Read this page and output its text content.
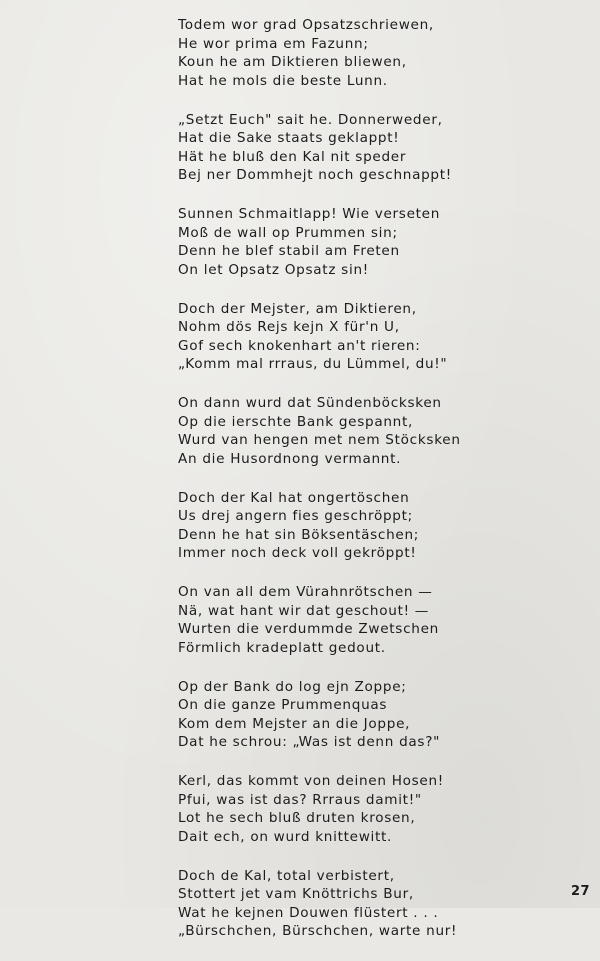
Todem wor grad Opsatzschriewen,
He wor prima em Fazunn;
Koun he am Diktieren bliewen,
Hat he mols die beste Lunn.
„Setzt Euch" sait he. Donnerweder,
Hat die Sake staats geklappt!
Hät he bluß den Kal nit speder
Bej ner Dommhejt noch geschnappt!
Sunnen Schmaitlapp! Wie verseten
Moß de wall op Prummen sin;
Denn he blef stabil am Freten
On let Opsatz Opsatz sin!
Doch der Mejster, am Diktieren,
Nohm dös Rejs kejn X für'n U,
Gof sech knokenhart an't rieren:
„Komm mal rrraus, du Lümmel, du!"
On dann wurd dat Sündenböcksken
Op die ierschte Bank gespannt,
Wurd van hengen met nem Stöcksken
An die Husordnong vermannt.
Doch der Kal hat ongertöschen
Us drej angern fies geschröppt;
Denn he hat sin Böksentäschen;
Immer noch deck voll gekröppt!
On van all dem Vürahnrötschen —
Nä, wat hant wir dat geschout! —
Wurten die verdummde Zwetschen
Förmlich kradeplatt gedout.
Op der Bank do log ejn Zoppe;
On die ganze Prummenquas
Kom dem Mejster an die Joppe,
Dat he schrou: „Was ist denn das?"
Kerl, das kommt von deinen Hosen!
Pfui, was ist das? Rrraus damit!"
Lot he sech bluß druten krosen,
Dait ech, on wurd knittewitt.
Doch de Kal, total verbistert,
Stottert jet vam Knöttrichs Bur,
Wat he kejnen Douwen flüstert . . .
„Bürschchen, Bürschchen, warte nur!
27
